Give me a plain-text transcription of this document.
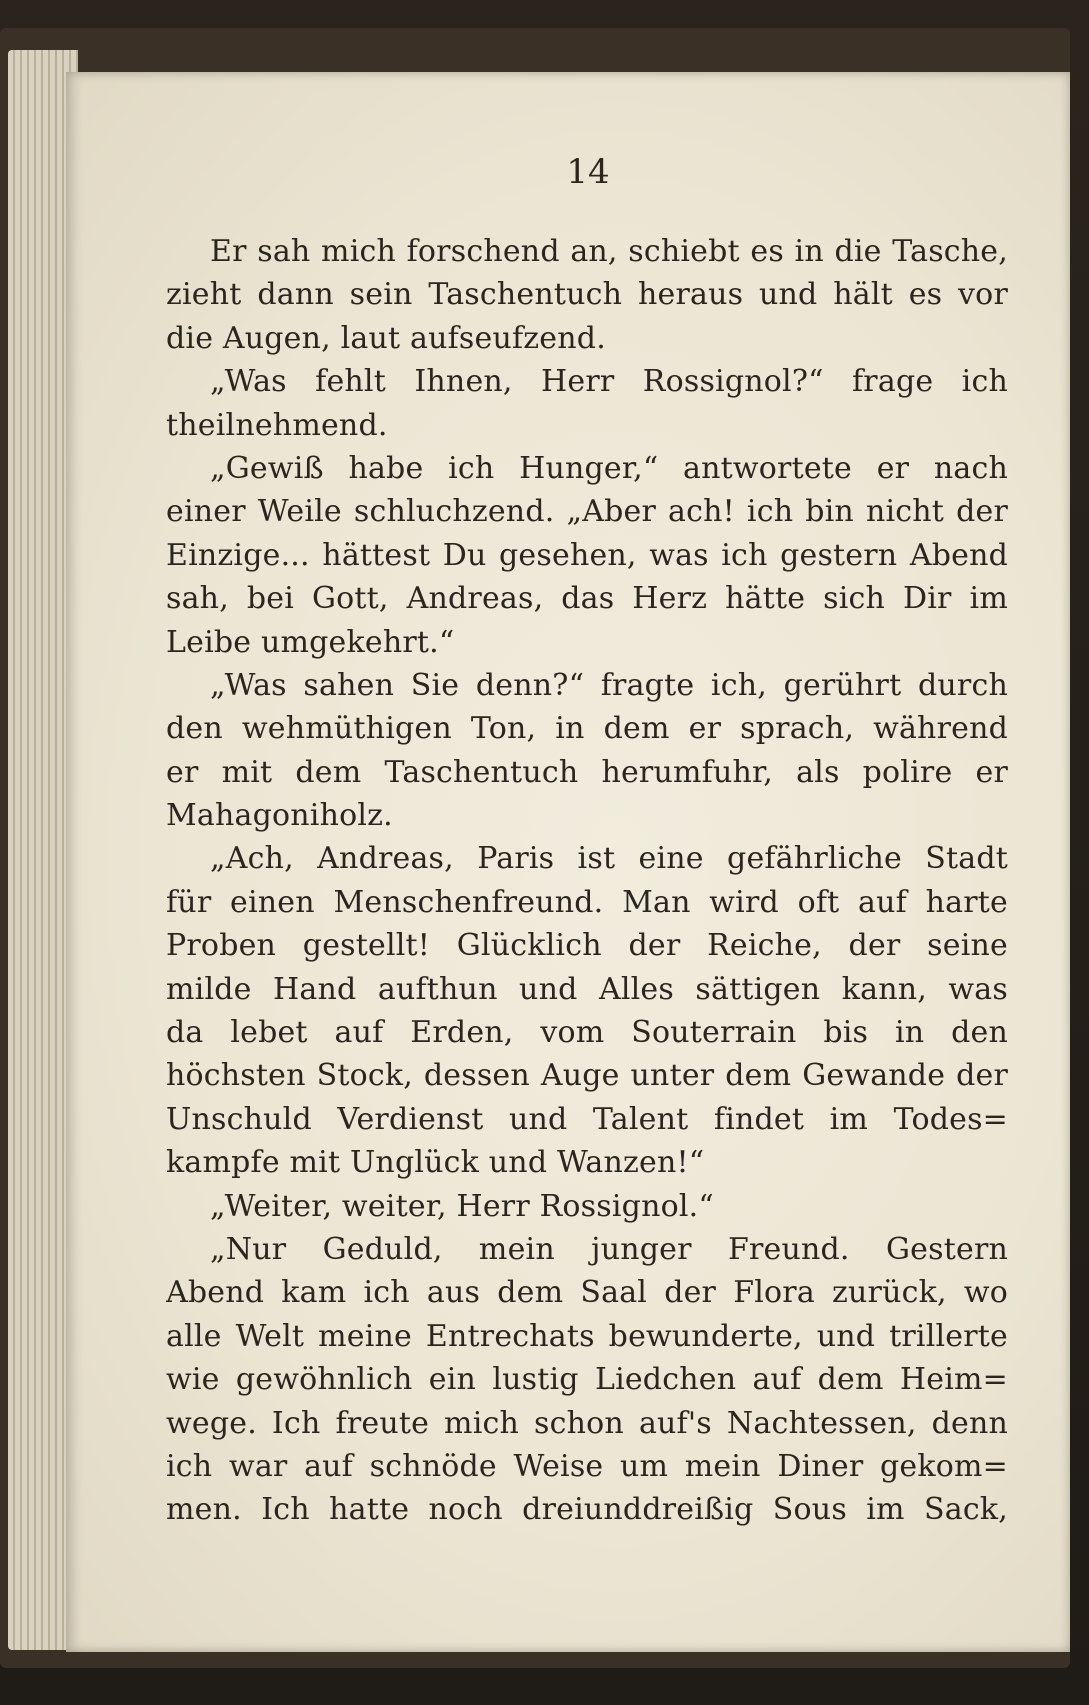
14
Er sah mich forschend an, schiebt es in die Tasche,
zieht dann sein Taschentuch heraus und hält es vor
die Augen, laut aufseufzend.
„Was fehlt Ihnen, Herr Rossignol?“ frage ich
theilnehmend.
„Gewiß habe ich Hunger,“ antwortete er nach
einer Weile schluchzend. „Aber ach! ich bin nicht der
Einzige... hättest Du gesehen, was ich gestern Abend
sah, bei Gott, Andreas, das Herz hätte sich Dir im
Leibe umgekehrt.“
„Was sahen Sie denn?“ fragte ich, gerührt durch
den wehmüthigen Ton, in dem er sprach, während
er mit dem Taschentuch herumfuhr, als polire er
Mahagoniholz.
„Ach, Andreas, Paris ist eine gefährliche Stadt
für einen Menschenfreund. Man wird oft auf harte
Proben gestellt! Glücklich der Reiche, der seine
milde Hand aufthun und Alles sättigen kann, was
da lebet auf Erden, vom Souterrain bis in den
höchsten Stock, dessen Auge unter dem Gewande der
Unschuld Verdienst und Talent findet im Todes=
kampfe mit Unglück und Wanzen!“
„Weiter, weiter, Herr Rossignol.“
„Nur Geduld, mein junger Freund. Gestern
Abend kam ich aus dem Saal der Flora zurück, wo
alle Welt meine Entrechats bewunderte, und trillerte
wie gewöhnlich ein lustig Liedchen auf dem Heim=
wege. Ich freute mich schon auf's Nachtessen, denn
ich war auf schnöde Weise um mein Diner gekom=
men. Ich hatte noch dreiunddreißig Sous im Sack,
